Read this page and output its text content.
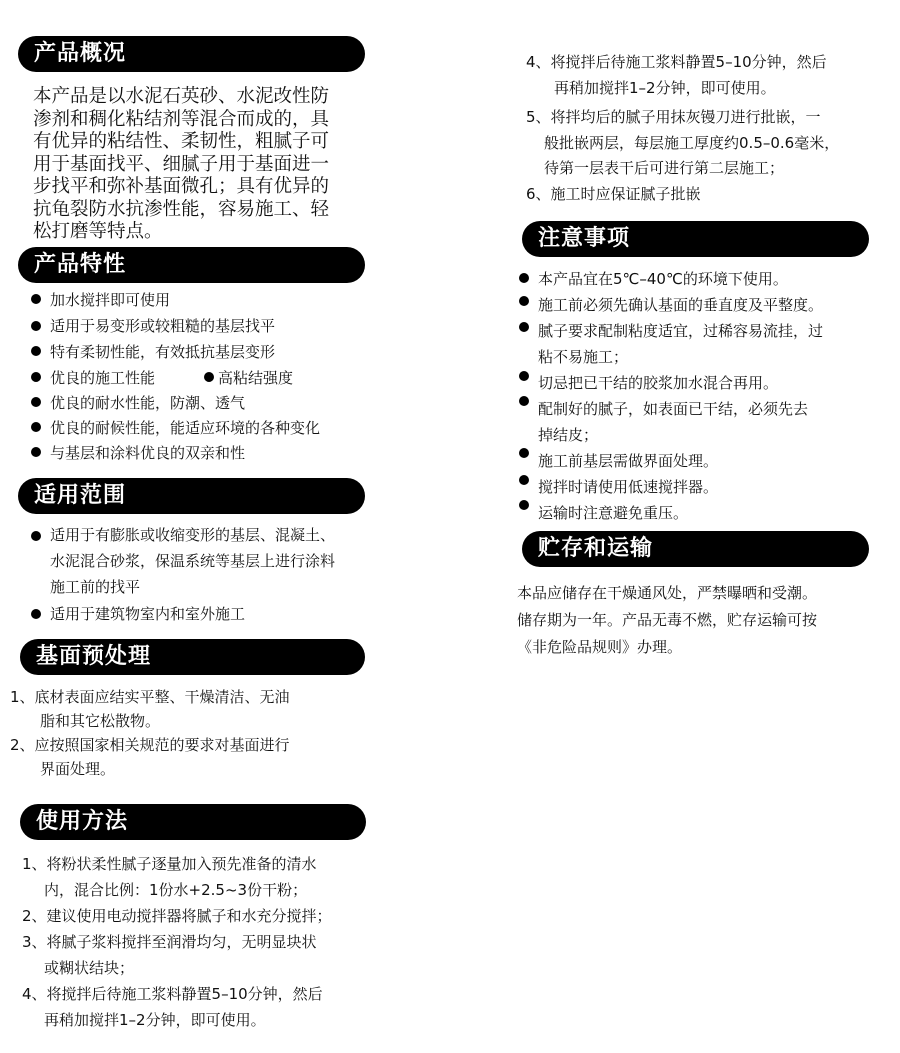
产品概况
本产品是以水泥石英砂、水泥改性防
渗剂和稠化粘结剂等混合而成的，具
有优异的粘结性、柔韧性，粗腻子可
用于基面找平、细腻子用于基面进一
步找平和弥补基面微孔；具有优异的
抗龟裂防水抗渗性能，容易施工、轻
松打磨等特点。
产品特性
加水搅拌即可使用
适用于易变形或较粗糙的基层找平
特有柔韧性能，有效抵抗基层变形
优良的施工性能	高粘结强度
优良的耐水性能，防潮、透气
优良的耐候性能，能适应环境的各种变化
与基层和涂料优良的双亲和性
适用范围
适用于有膨胀或收缩变形的基层、混凝土、
水泥混合砂浆，保温系统等基层上进行涂料
施工前的找平
适用于建筑物室内和室外施工
基面预处理
1、底材表面应结实平整、干燥清洁、无油
脂和其它松散物。
2、应按照国家相关规范的要求对基面进行
界面处理。
使用方法
1、将粉状柔性腻子逐量加入预先准备的清水
内，混合比例：1份水+2.5~3份干粉；
2、建议使用电动搅拌器将腻子和水充分搅拌；
3、将腻子浆料搅拌至润滑均匀，无明显块状
或糊状结块；
4、将搅拌后待施工浆料静置5–10分钟，然后
再稍加搅拌1–2分钟，即可使用。
4、将搅拌后待施工浆料静置5–10分钟，然后
再稍加搅拌1–2分钟，即可使用。
5、将拌均后的腻子用抹灰镘刀进行批嵌，一
般批嵌两层，每层施工厚度约0.5–0.6毫米，
待第一层表干后可进行第二层施工；
6、施工时应保证腻子批嵌
注意事项
本产品宜在5℃–40℃的环境下使用。
施工前必须先确认基面的垂直度及平整度。
腻子要求配制粘度适宜，过稀容易流挂，过
粘不易施工；
切忌把已干结的胶浆加水混合再用。
配制好的腻子，如表面已干结，必须先去
掉结皮；
施工前基层需做界面处理。
搅拌时请使用低速搅拌器。
运输时注意避免重压。
贮存和运输
本品应储存在干燥通风处，严禁曝晒和受潮。
储存期为一年。产品无毒不燃，贮存运输可按
《非危险品规则》办理。
